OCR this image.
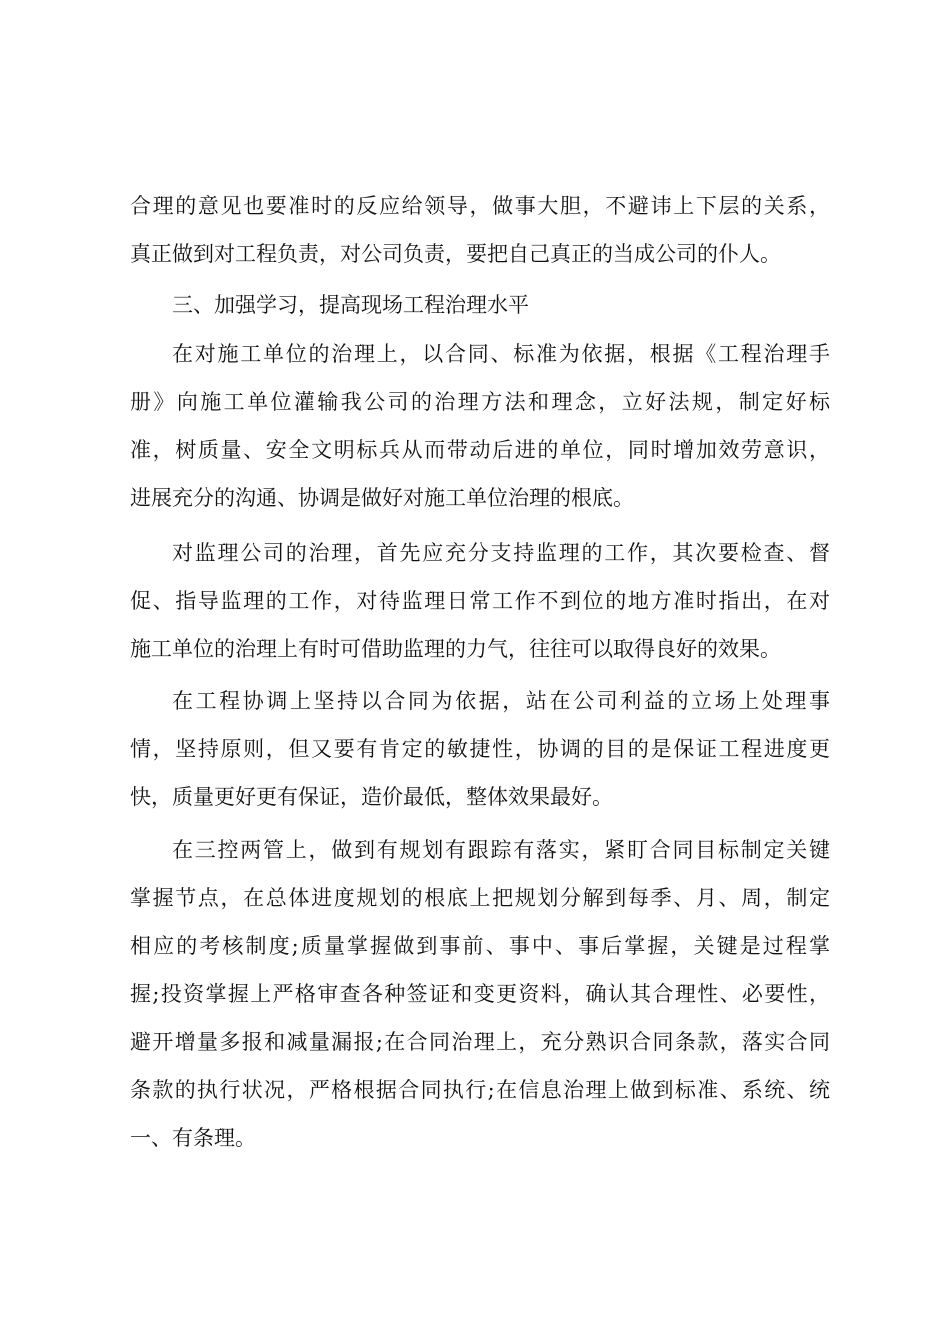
合理的意见也要准时的反应给领导，做事大胆，不避讳上下层的关系，
真正做到对工程负责，对公司负责，要把自己真正的当成公司的仆人。
三、加强学习，提高现场工程治理水平
在对施工单位的治理上，以合同、标准为依据，根据《工程治理手
册》向施工单位灌输我公司的治理方法和理念，立好法规，制定好标
准，树质量、安全文明标兵从而带动后进的单位，同时增加效劳意识，
进展充分的沟通、协调是做好对施工单位治理的根底。
对监理公司的治理，首先应充分支持监理的工作，其次要检查、督
促、指导监理的工作，对待监理日常工作不到位的地方准时指出，在对
施工单位的治理上有时可借助监理的力气，往往可以取得良好的效果。
在工程协调上坚持以合同为依据，站在公司利益的立场上处理事
情，坚持原则，但又要有肯定的敏捷性，协调的目的是保证工程进度更
快，质量更好更有保证，造价最低，整体效果最好。
在三控两管上，做到有规划有跟踪有落实，紧盯合同目标制定关键
掌握节点，在总体进度规划的根底上把规划分解到每季、月、周，制定
相应的考核制度;质量掌握做到事前、事中、事后掌握，关键是过程掌
握;投资掌握上严格审查各种签证和变更资料，确认其合理性、必要性，
避开增量多报和减量漏报;在合同治理上，充分熟识合同条款，落实合同
条款的执行状况，严格根据合同执行;在信息治理上做到标准、系统、统
一、有条理。
